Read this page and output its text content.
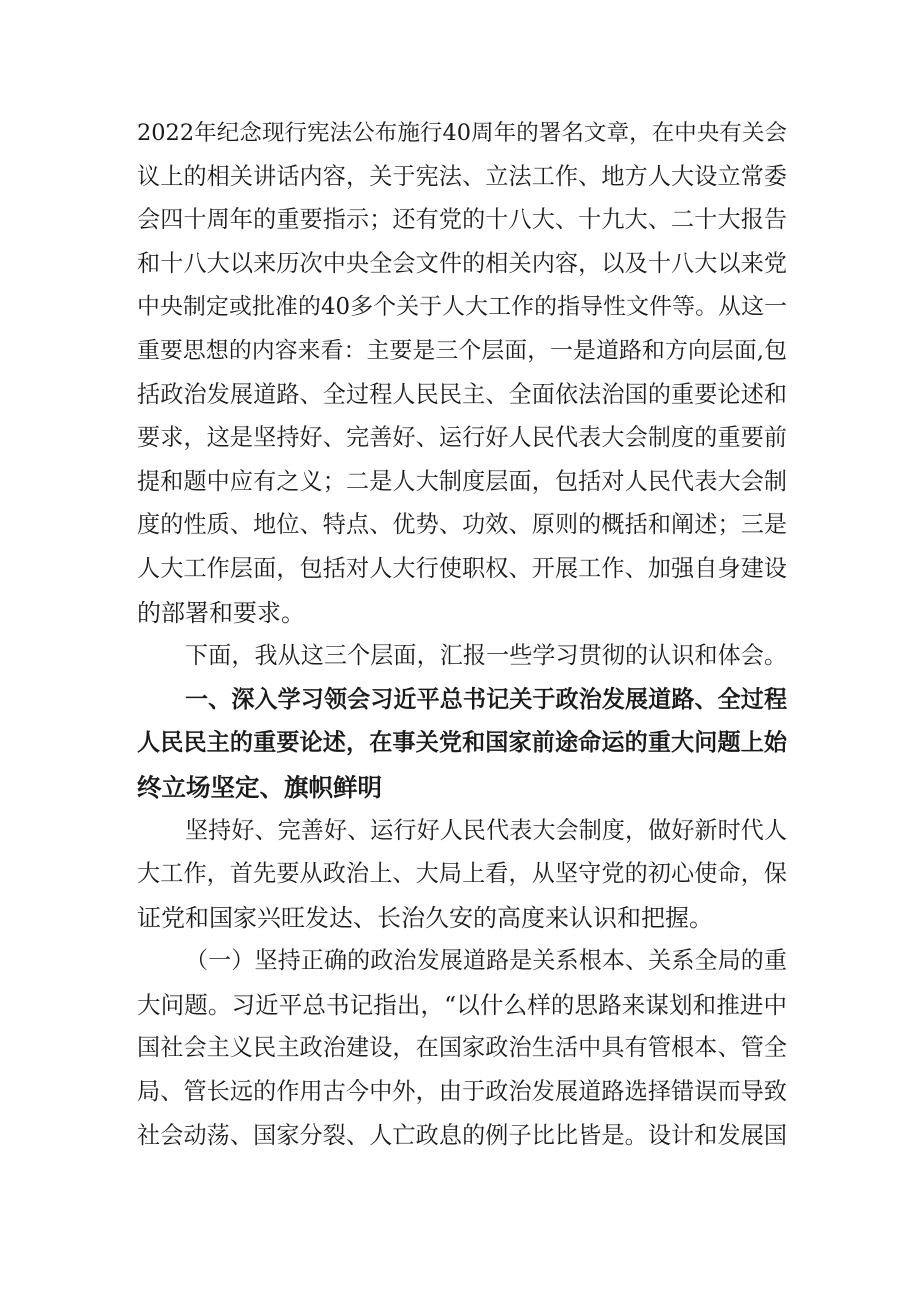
2022年纪念现行宪法公布施行40周年的署名文章，在中央有关会
议上的相关讲话内容，关于宪法、立法工作、地方人大设立常委
会四十周年的重要指示；还有党的十八大、十九大、二十大报告
和十八大以来历次中央全会文件的相关内容，以及十八大以来党
中央制定或批准的40多个关于人大工作的指导性文件等。从这一
重要思想的内容来看：主要是三个层面，一是道路和方向层面,包
括政治发展道路、全过程人民民主、全面依法治国的重要论述和
要求，这是坚持好、完善好、运行好人民代表大会制度的重要前
提和题中应有之义；二是人大制度层面，包括对人民代表大会制
度的性质、地位、特点、优势、功效、原则的概括和阐述；三是
人大工作层面，包括对人大行使职权、开展工作、加强自身建设
的部署和要求。
下面，我从这三个层面，汇报一些学习贯彻的认识和体会。
一、深入学习领会习近平总书记关于政治发展道路、全过程
人民民主的重要论述，在事关党和国家前途命运的重大问题上始
终立场坚定、旗帜鲜明
坚持好、完善好、运行好人民代表大会制度，做好新时代人
大工作，首先要从政治上、大局上看，从坚守党的初心使命，保
证党和国家兴旺发达、长治久安的高度来认识和把握。
（一）坚持正确的政治发展道路是关系根本、关系全局的重
大问题。习近平总书记指出，“以什么样的思路来谋划和推进中
国社会主义民主政治建设，在国家政治生活中具有管根本、管全
局、管长远的作用古今中外，由于政治发展道路选择错误而导致
社会动荡、国家分裂、人亡政息的例子比比皆是。设计和发展国
